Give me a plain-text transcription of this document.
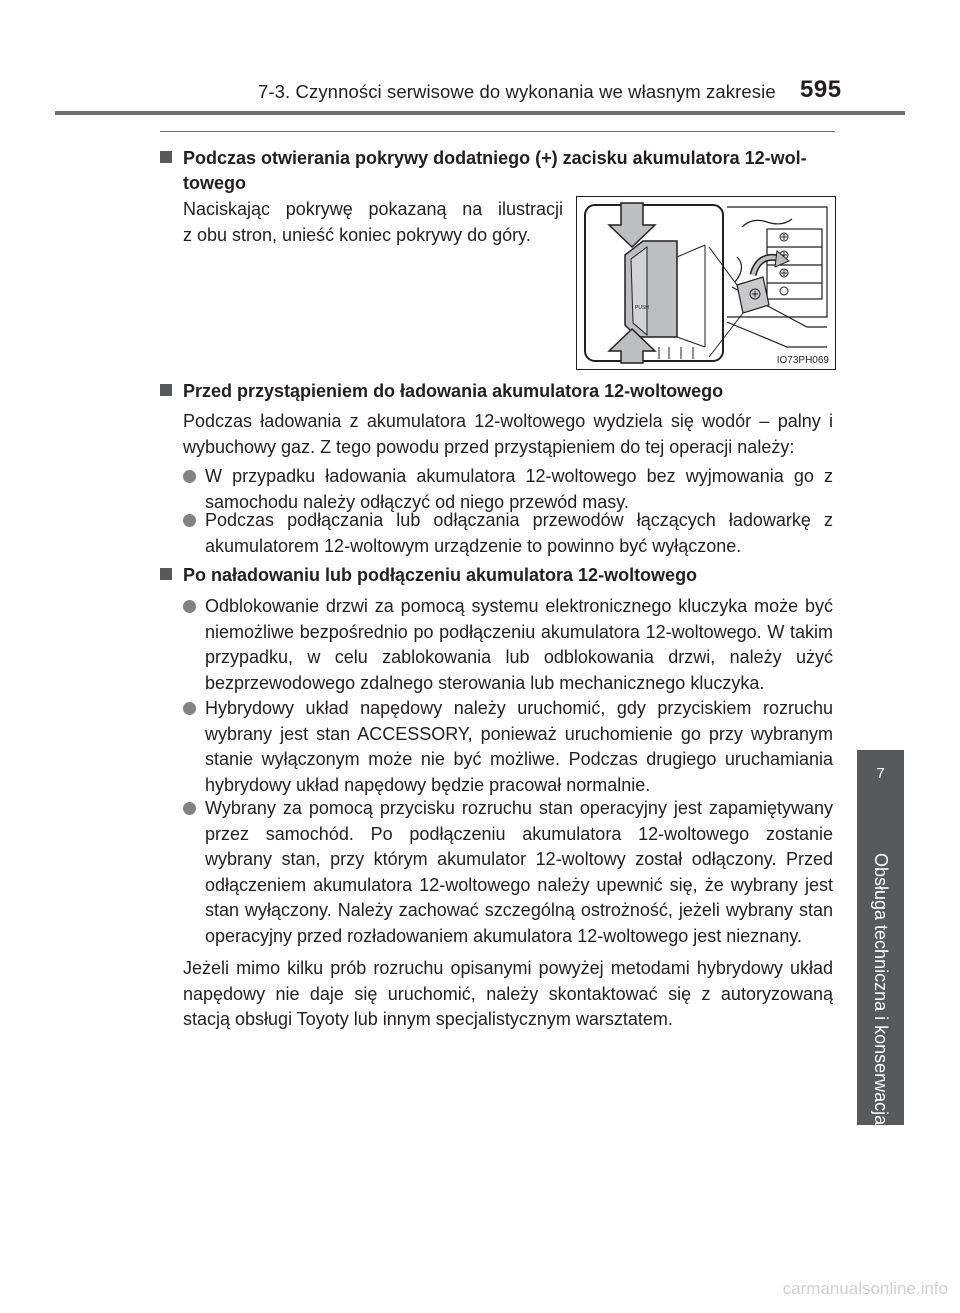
7-3. Czynności serwisowe do wykonania we własnym zakresie 595
7
Obsługa techniczna i konserwacja
Podczas otwierania pokrywy dodatniego (+) zacisku akumulatora 12-wol-
towego
Naciskając pokrywę pokazaną na ilustracji
z obu stron, unieść koniec pokrywy do góry.
PUSH
IO73PH069
Przed przystąpieniem do ładowania akumulatora 12-woltowego
Podczas ładowania z akumulatora 12-woltowego wydziela się wodór – palny i wybuchowy gaz. Z tego powodu przed przystąpieniem do tej operacji należy:
W przypadku ładowania akumulatora 12-woltowego bez wyjmowania go z samochodu należy odłączyć od niego przewód masy.
Podczas podłączania lub odłączania przewodów łączących ładowarkę z akumulatorem 12-woltowym urządzenie to powinno być wyłączone.
Po naładowaniu lub podłączeniu akumulatora 12-woltowego
Odblokowanie drzwi za pomocą systemu elektronicznego kluczyka może być niemożliwe bezpośrednio po podłączeniu akumulatora 12-woltowego. W takim przypadku, w celu zablokowania lub odblokowania drzwi, należy użyć bezprzewodowego zdalnego sterowania lub mechanicznego kluczyka.
Hybrydowy układ napędowy należy uruchomić, gdy przyciskiem rozruchu wybrany jest stan ACCESSORY, ponieważ uruchomienie go przy wybranym stanie wyłączonym może nie być możliwe. Podczas drugiego uruchamiania hybrydowy układ napędowy będzie pracował normalnie.
Wybrany za pomocą przycisku rozruchu stan operacyjny jest zapamiętywany przez samochód. Po podłączeniu akumulatora 12-woltowego zostanie wybrany stan, przy którym akumulator 12-woltowy został odłączony. Przed odłączeniem akumulatora 12-woltowego należy upewnić się, że wybrany jest stan wyłączony. Należy zachować szczególną ostrożność, jeżeli wybrany stan operacyjny przed rozładowaniem akumulatora 12-woltowego jest nieznany.
Jeżeli mimo kilku prób rozruchu opisanymi powyżej metodami hybrydowy układ napędowy nie daje się uruchomić, należy skontaktować się z autoryzowaną stacją obsługi Toyoty lub innym specjalistycznym warsztatem.
carmanualsonline.info
